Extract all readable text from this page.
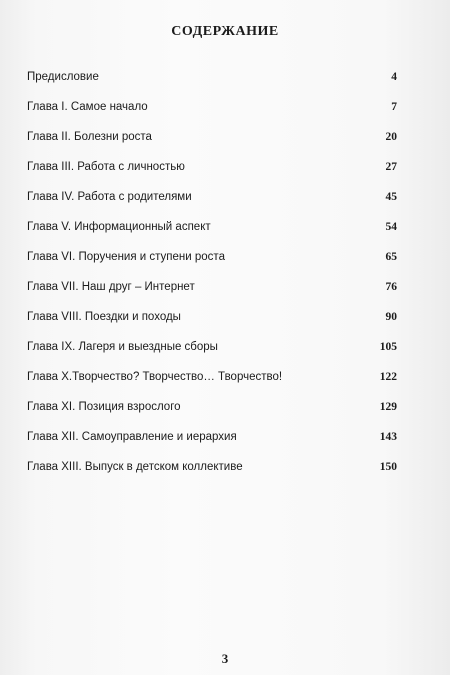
СОДЕРЖАНИЕ
Предисловие	4
Глава I. Самое начало	7
Глава II. Болезни роста	20
Глава III. Работа с личностью	27
Глава IV. Работа с родителями	45
Глава V. Информационный аспект	54
Глава VI. Поручения и ступени роста	65
Глава VII. Наш друг – Интернет	76
Глава VIII. Поездки и походы	90
Глава IX. Лагеря и выездные сборы	105
Глава Х.Творчество? Творчество… Творчество!	122
Глава XI. Позиция взрослого	129
Глава XII. Самоуправление и иерархия	143
Глава XIII. Выпуск в детском коллективе	150

3
